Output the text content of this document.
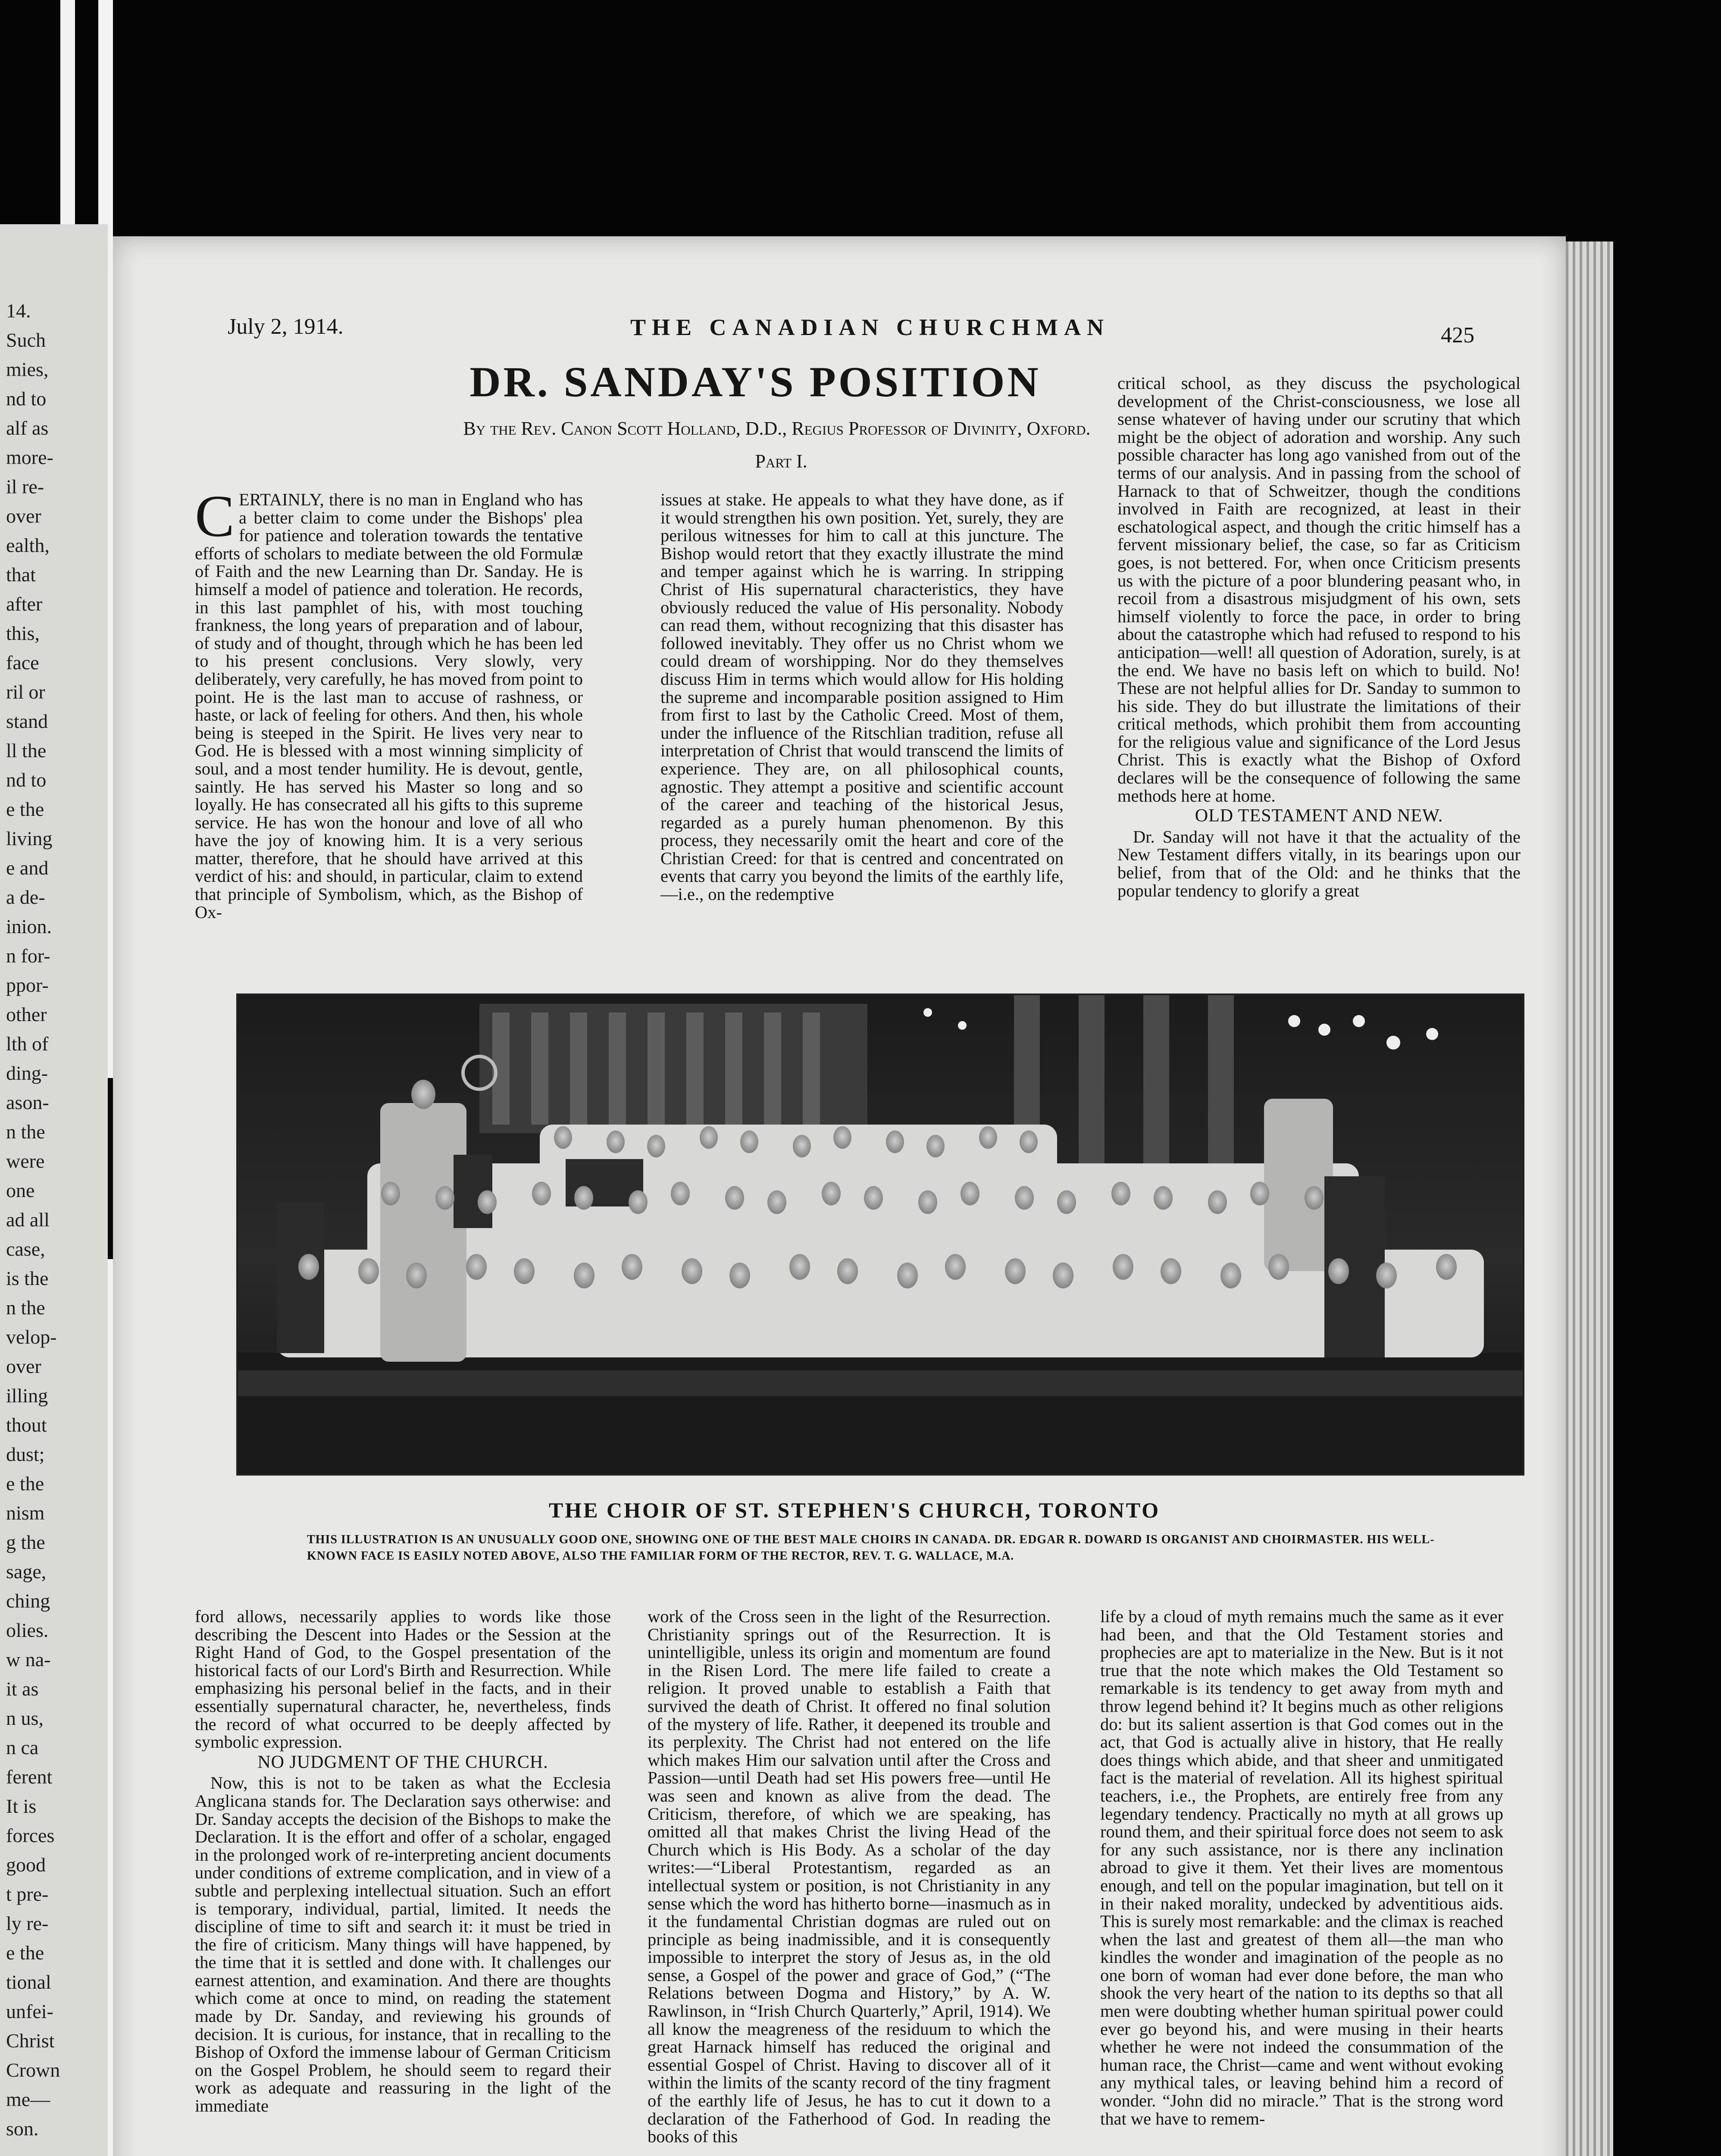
14.
Such
mies,
nd to
alf as
more-
il re-
over
ealth,
that
after
this,
face
ril or
stand
ll the
nd to
e the
living
e and
a de-
inion.
n for-
ppor-
other
lth of
ding-
ason-
n the
were
one
ad all
case,
is the
n the
velop-
over
illing
thout
dust;
e the
nism
g the
sage,
ching
olies.
w na-
it as
n us,
n ca
ferent
It is
forces
good
t pre-
ly re-
e the
tional
unfei-
Christ
Crown
me—
son.
July 2, 1914.	THE CANADIAN CHURCHMAN	425
DR. SANDAY'S POSITION
By the Rev. Canon Scott Holland, D.D., Regius Professor of Divinity, Oxford.
Part I.

CERTAINLY, there is no man in England who has a better claim to come under the Bishops' plea for patience and toleration towards the tentative efforts of scholars to mediate between the old Formulæ of Faith and the new Learning than Dr. Sanday. He is himself a model of patience and toleration. He records, in this last pamphlet of his, with most touching frankness, the long years of preparation and of labour, of study and of thought, through which he has been led to his present conclusions. Very slowly, very deliberately, very carefully, he has moved from point to point. He is the last man to accuse of rashness, or haste, or lack of feeling for others. And then, his whole being is steeped in the Spirit. He lives very near to God. He is blessed with a most winning simplicity of soul, and a most tender humility. He is devout, gentle, saintly. He has served his Master so long and so loyally. He has consecrated all his gifts to this supreme service. He has won the honour and love of all who have the joy of knowing him. It is a very serious matter, therefore, that he should have arrived at this verdict of his: and should, in particular, claim to extend that principle of Symbolism, which, as the Bishop of Ox-

issues at stake. He appeals to what they have done, as if it would strengthen his own position. Yet, surely, they are perilous witnesses for him to call at this juncture. The Bishop would retort that they exactly illustrate the mind and temper against which he is warring. In stripping Christ of His supernatural characteristics, they have obviously reduced the value of His personality. Nobody can read them, without recognizing that this disaster has followed inevitably. They offer us no Christ whom we could dream of worshipping. Nor do they themselves discuss Him in terms which would allow for His holding the supreme and incomparable position assigned to Him from first to last by the Catholic Creed. Most of them, under the influence of the Ritschlian tradition, refuse all interpretation of Christ that would transcend the limits of experience. They are, on all philosophical counts, agnostic. They attempt a positive and scientific account of the career and teaching of the historical Jesus, regarded as a purely human phenomenon. By this process, they necessarily omit the heart and core of the Christian Creed: for that is centred and concentrated on events that carry you beyond the limits of the earthly life,—i.e., on the redemptive

critical school, as they discuss the psychological development of the Christ-consciousness, we lose all sense whatever of having under our scrutiny that which might be the object of adoration and worship. Any such possible character has long ago vanished from out of the terms of our analysis. And in passing from the school of Harnack to that of Schweitzer, though the conditions involved in Faith are recognized, at least in their eschatological aspect, and though the critic himself has a fervent missionary belief, the case, so far as Criticism goes, is not bettered. For, when once Criticism presents us with the picture of a poor blundering peasant who, in recoil from a disastrous misjudgment of his own, sets himself violently to force the pace, in order to bring about the catastrophe which had refused to respond to his anticipation—well! all question of Adoration, surely, is at the end. We have no basis left on which to build. No! These are not helpful allies for Dr. Sanday to summon to his side. They do but illustrate the limitations of their critical methods, which prohibit them from accounting for the religious value and significance of the Lord Jesus Christ. This is exactly what the Bishop of Oxford declares will be the consequence of following the same methods here at home.

OLD TESTAMENT AND NEW.

Dr. Sanday will not have it that the actuality of the New Testament differs vitally, in its bearings upon our belief, from that of the Old: and he thinks that the popular tendency to glorify a great

THE CHOIR OF ST. STEPHEN'S CHURCH, TORONTO
THIS ILLUSTRATION IS AN UNUSUALLY GOOD ONE, SHOWING ONE OF THE BEST MALE CHOIRS IN CANADA. DR. EDGAR R. DOWARD IS ORGANIST AND CHOIRMASTER. HIS WELL-KNOWN FACE IS EASILY NOTED ABOVE, ALSO THE FAMILIAR FORM OF THE RECTOR, REV. T. G. WALLACE, M.A.

ford allows, necessarily applies to words like those describing the Descent into Hades or the Session at the Right Hand of God, to the Gospel presentation of the historical facts of our Lord's Birth and Resurrection. While emphasizing his personal belief in the facts, and in their essentially supernatural character, he, nevertheless, finds the record of what occurred to be deeply affected by symbolic expression.

NO JUDGMENT OF THE CHURCH.

Now, this is not to be taken as what the Ecclesia Anglicana stands for. The Declaration says otherwise: and Dr. Sanday accepts the decision of the Bishops to make the Declaration. It is the effort and offer of a scholar, engaged in the prolonged work of re-interpreting ancient documents under conditions of extreme complication, and in view of a subtle and perplexing intellectual situation. Such an effort is temporary, individual, partial, limited. It needs the discipline of time to sift and search it: it must be tried in the fire of criticism. Many things will have happened, by the time that it is settled and done with. It challenges our earnest attention, and examination. And there are thoughts which come at once to mind, on reading the statement made by Dr. Sanday, and reviewing his grounds of decision. It is curious, for instance, that in recalling to the Bishop of Oxford the immense labour of German Criticism on the Gospel Problem, he should seem to regard their work as adequate and reassuring in the light of the immediate

work of the Cross seen in the light of the Resurrection. Christianity springs out of the Resurrection. It is unintelligible, unless its origin and momentum are found in the Risen Lord. The mere life failed to create a religion. It proved unable to establish a Faith that survived the death of Christ. It offered no final solution of the mystery of life. Rather, it deepened its trouble and its perplexity. The Christ had not entered on the life which makes Him our salvation until after the Cross and Passion—until Death had set His powers free—until He was seen and known as alive from the dead. The Criticism, therefore, of which we are speaking, has omitted all that makes Christ the living Head of the Church which is His Body. As a scholar of the day writes:—“Liberal Protestantism, regarded as an intellectual system or position, is not Christianity in any sense which the word has hitherto borne—inasmuch as in it the fundamental Christian dogmas are ruled out on principle as being inadmissible, and it is consequently impossible to interpret the story of Jesus as, in the old sense, a Gospel of the power and grace of God,” (“The Relations between Dogma and History,” by A. W. Rawlinson, in “Irish Church Quarterly,” April, 1914). We all know the meagreness of the residuum to which the great Harnack himself has reduced the original and essential Gospel of Christ. Having to discover all of it within the limits of the scanty record of the tiny fragment of the earthly life of Jesus, he has to cut it down to a declaration of the Fatherhood of God. In reading the books of this

life by a cloud of myth remains much the same as it ever had been, and that the Old Testament stories and prophecies are apt to materialize in the New. But is it not true that the note which makes the Old Testament so remarkable is its tendency to get away from myth and throw legend behind it? It begins much as other religions do: but its salient assertion is that God comes out in the act, that God is actually alive in history, that He really does things which abide, and that sheer and unmitigated fact is the material of revelation. All its highest spiritual teachers, i.e., the Prophets, are entirely free from any legendary tendency. Practically no myth at all grows up round them, and their spiritual force does not seem to ask for any such assistance, nor is there any inclination abroad to give it them. Yet their lives are momentous enough, and tell on the popular imagination, but tell on it in their naked morality, undecked by adventitious aids. This is surely most remarkable: and the climax is reached when the last and greatest of them all—the man who kindles the wonder and imagination of the people as no one born of woman had ever done before, the man who shook the very heart of the nation to its depths so that all men were doubting whether human spiritual power could ever go beyond his, and were musing in their hearts whether he were not indeed the consummation of the human race, the Christ—came and went without evoking any mythical tales, or leaving behind him a record of wonder. “John did no miracle.” That is the strong word that we have to remem-
